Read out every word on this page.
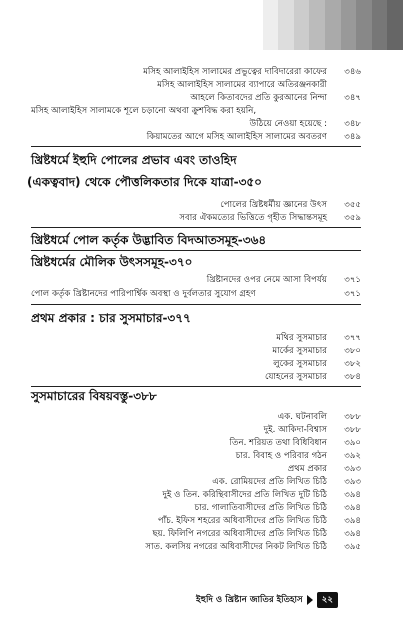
মসিহ আলাইহিস সালামের প্রভুত্বের দাবিদারেরা কাফের	৩৪৬
মসিহ আলাইহিস সালামের ব্যাপারে অতিরঞ্জনকারী
আহলে কিতাবদের প্রতি কুরআনের নিন্দা	৩৪৭
মসিহ আলাইহিস সালামকে শূলে চড়ানো অথবা ক্রুশবিদ্ধ করা হয়নি,
উঠিয়ে নেওয়া হয়েছে :	৩৪৮
কিয়ামতের আগে মসিহ আলাইহিস সালামের অবতরণ	৩৪৯
খ্রিষ্টধর্মে ইহুদি পোলের প্রভাব এবং তাওহিদ
(একত্ববাদ) থেকে পৌত্তলিকতার দিকে যাত্রা-৩৫০
পোলের খ্রিষ্টধর্মীয় জ্ঞানের উৎস	৩৫৫
সবার ঐকমত্যের ভিত্তিতে গৃহীত সিদ্ধান্তসমূহ	৩৫৯
খ্রিষ্টধর্মে পোল কর্তৃক উদ্ভাবিত বিদআতসমূহ-৩৬৪
খ্রিষ্টধর্মের মৌলিক উৎসসমূহ-৩৭০
খ্রিষ্টানদের ওপর নেমে আসা বিপর্যয়	৩৭১
পোল কর্তৃক খ্রিষ্টানদের পারিপার্শ্বিক অবস্থা ও দুর্বলতার সুযোগ গ্রহণ	৩৭১
প্রথম প্রকার : চার সুসমাচার-৩৭৭
মথির সুসমাচার	৩৭৭
মার্কের সুসমাচার	৩৮০
লুকের সুসমাচার	৩৮২
যোহনের সুসমাচার	৩৮৪
সুসমাচারের বিষয়বস্তু-৩৮৮
এক. ঘটনাবলি	৩৮৮
দুই. আকিদা-বিশ্বাস	৩৮৮
তিন. শরিয়ত তথা বিধিবিধান	৩৯০
চার. বিবাহ ও পরিবার গঠন	৩৯২
প্রথম প্রকার	৩৯৩
এক. রোমিয়দের প্রতি লিখিত চিঠি	৩৯৩
দুই ও তিন. করিন্থিবাসীদের প্রতি লিখিত দুটি চিঠি	৩৯৪
চার. গালাতিবাসীদের প্রতি লিখিত চিঠি	৩৯৪
পাঁচ. ইফিস শহরের অধিবাসীদের প্রতি লিখিত চিঠি	৩৯৪
ছয়. ফিলিপি নগরের অধিবাসীদের প্রতি লিখিত চিঠি	৩৯৪
সাত. কলসিয় নগরের অধিবাসীদের নিকট লিখিত চিঠি	৩৯৫
ইহুদি ও খ্রিষ্টান জাতির ইতিহাস	২২
